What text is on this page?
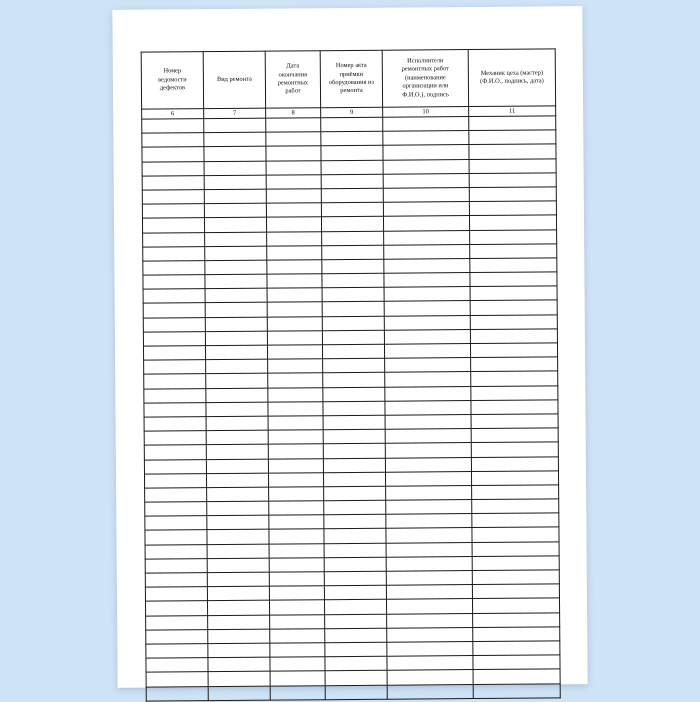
Номер
ведомости
дефектов	Вид ремонта	Дата
окончания
ремонтных
работ	Номер акта
приёмки
оборудования из
ремонта	Исполнители
ремонтных работ
(наименование
организации или
Ф.И.О.), подпись	Механик цеха (мастер)
(Ф.И.О., подпись, дата)

6	7	8	9	10	11
